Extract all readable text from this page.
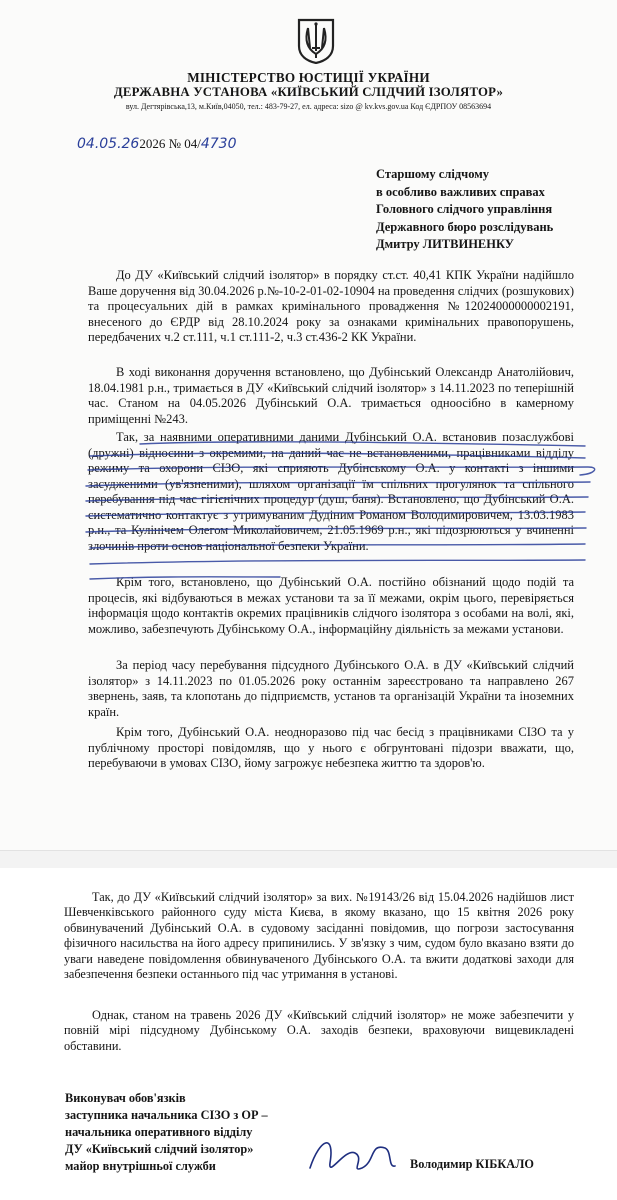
МІНІСТЕРСТВО ЮСТИЦІЇ УКРАЇНИ
ДЕРЖАВНА УСТАНОВА «КИЇВСЬКИЙ СЛІДЧИЙ ІЗОЛЯТОР»
вул. Дегтярівська,13, м.Київ,04050, тел.: 483-79-27, ел. адреса: sizo @ kv.kvs.gov.ua Код ЄДРПОУ 08563694
04.05.262026 № 04/4730
Старшому слідчому
в особливо важливих справах
Головного слідчого управління
Державного бюро розслідувань
Дмитру ЛИТВИНЕНКУ

До ДУ «Київський слідчий ізолятор» в порядку ст.ст. 40,41 КПК України надійшло Ваше доручення від 30.04.2026 р.№-10-2-01-02-10904 на проведення слідчих (розшукових) та процесуальних дій в рамках кримінального провадження №12024000000002191, внесеного до ЄРДР від 28.10.2024 року за ознаками кримінальних правопорушень, передбачених ч.2 ст.111, ч.1 ст.111-2, ч.3 ст.436-2 КК України.

В ході виконання доручення встановлено, що Дубінський Олександр Анатолійович, 18.04.1981 р.н., тримається в ДУ «Київський слідчий ізолятор» з 14.11.2023 по теперішній час. Станом на 04.05.2026 Дубінський О.А. тримається одноосібно в камерному приміщенні №243.

Так, за наявними оперативними даними Дубінський О.А. встановив позаслужбові (дружні) відносини з окремими, на даний час не встановленими, працівниками відділу режиму та охорони СІЗО, які сприяють Дубінському О.А. у контакті з іншими засудженими (ув'язненими), шляхом організації їм спільних прогулянок та спільного перебування під час гігієнічних процедур (душ, баня). Встановлено, що Дубінський О.А. систематично контактує з утримуваним Дудіним Романом Володимировичем, 13.03.1983 р.н., та Кулінічем Олегом Миколайовичем, 21.05.1969 р.н., які підозрюються у вчиненні злочинів проти основ національної безпеки України.

Крім того, встановлено, що Дубінський О.А. постійно обізнаний щодо подій та процесів, які відбуваються в межах установи та за її межами, окрім цього, перевіряється інформація щодо контактів окремих працівників слідчого ізолятора з особами на волі, які, можливо, забезпечують Дубінському О.А., інформаційну діяльність за межами установи.

За період часу перебування підсудного Дубінського О.А. в ДУ «Київський слідчий ізолятор» з 14.11.2023 по 01.05.2026 року останнім зареєстровано та направлено 267 звернень, заяв, та клопотань до підприємств, установ та організацій України та іноземних країн.

Крім того, Дубінський О.А. неодноразово під час бесід з працівниками СІЗО та у публічному просторі повідомляв, що у нього є обгрунтовані підозри вважати, що, перебуваючи в умовах СІЗО, йому загрожує небезпека життю та здоров'ю.

Так, до ДУ «Київський слідчий ізолятор» за вих. №19143/26 від 15.04.2026 надійшов лист Шевченківського районного суду міста Києва, в якому вказано, що 15 квітня 2026 року обвинувачений Дубінський О.А. в судовому засіданні повідомив, що погрози застосування фізичного насильства на його адресу припинились. У зв'язку з чим, судом було вказано взяти до уваги наведене повідомлення обвинуваченого Дубінського О.А. та вжити додаткові заходи для забезпечення безпеки останнього під час утримання в установі.

Однак, станом на травень 2026 ДУ «Київський слідчий ізолятор» не може забезпечити у повній мірі підсудному Дубінському О.А. заходів безпеки, враховуючи вищевикладені обставини.

Виконувач обов'язків
заступника начальника СІЗО з ОР –
начальника оперативного відділу
ДУ «Київський слідчий ізолятор»
майор внутрішньої служби	Володимир КІБКАЛО
